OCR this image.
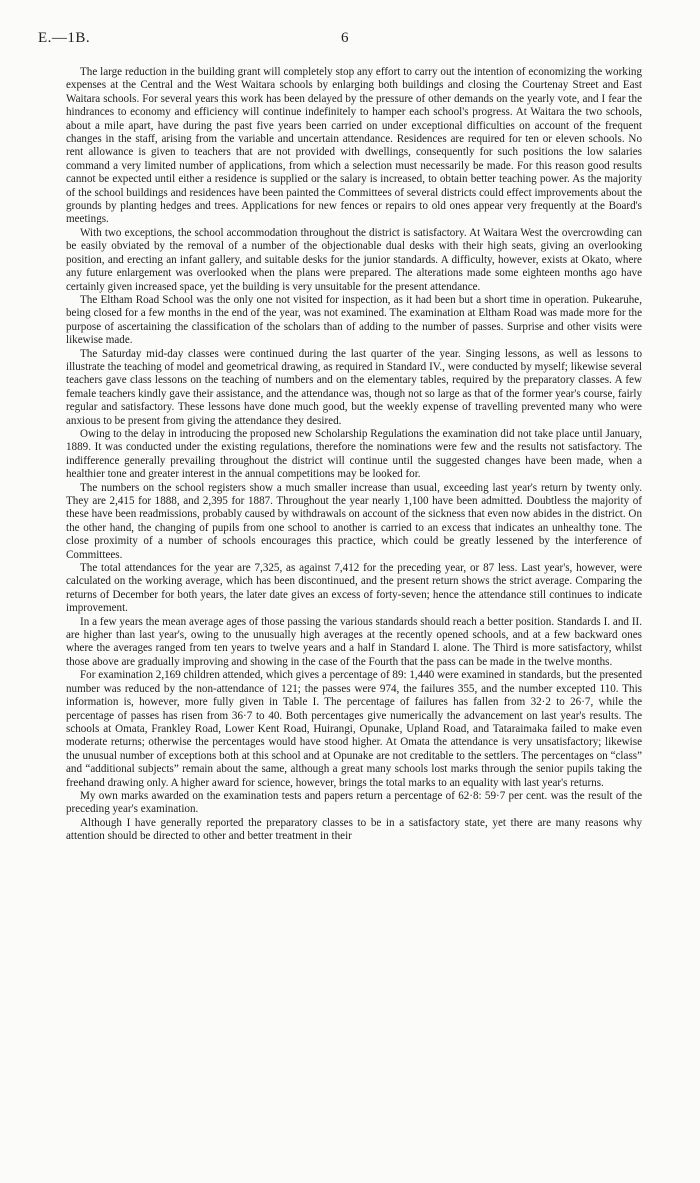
E.—1B.	6

The large reduction in the building grant will completely stop any effort to carry out the intention of economizing the working expenses at the Central and the West Waitara schools by enlarging both buildings and closing the Courtenay Street and East Waitara schools. For several years this work has been delayed by the pressure of other demands on the yearly vote, and I fear the hindrances to economy and efficiency will continue indefinitely to hamper each school's progress. At Waitara the two schools, about a mile apart, have during the past five years been carried on under exceptional difficulties on account of the frequent changes in the staff, arising from the variable and uncertain attendance. Residences are required for ten or eleven schools. No rent allowance is given to teachers that are not provided with dwellings, consequently for such positions the low salaries command a very limited number of applications, from which a selection must necessarily be made. For this reason good results cannot be expected until either a residence is supplied or the salary is increased, to obtain better teaching power. As the majority of the school buildings and residences have been painted the Committees of several districts could effect improvements about the grounds by planting hedges and trees. Applications for new fences or repairs to old ones appear very frequently at the Board's meetings.

With two exceptions, the school accommodation throughout the district is satisfactory. At Waitara West the overcrowding can be easily obviated by the removal of a number of the objectionable dual desks with their high seats, giving an overlooking position, and erecting an infant gallery, and suitable desks for the junior standards. A difficulty, however, exists at Okato, where any future enlargement was overlooked when the plans were prepared. The alterations made some eighteen months ago have certainly given increased space, yet the building is very unsuitable for the present attendance.

The Eltham Road School was the only one not visited for inspection, as it had been but a short time in operation. Pukearuhe, being closed for a few months in the end of the year, was not examined. The examination at Eltham Road was made more for the purpose of ascertaining the classification of the scholars than of adding to the number of passes. Surprise and other visits were likewise made.

The Saturday mid-day classes were continued during the last quarter of the year. Singing lessons, as well as lessons to illustrate the teaching of model and geometrical drawing, as required in Standard IV., were conducted by myself; likewise several teachers gave class lessons on the teaching of numbers and on the elementary tables, required by the preparatory classes. A few female teachers kindly gave their assistance, and the attendance was, though not so large as that of the former year's course, fairly regular and satisfactory. These lessons have done much good, but the weekly expense of travelling prevented many who were anxious to be present from giving the attendance they desired.

Owing to the delay in introducing the proposed new Scholarship Regulations the examination did not take place until January, 1889. It was conducted under the existing regulations, therefore the nominations were few and the results not satisfactory. The indifference generally prevailing throughout the district will continue until the suggested changes have been made, when a healthier tone and greater interest in the annual competitions may be looked for.

The numbers on the school registers show a much smaller increase than usual, exceeding last year's return by twenty only. They are 2,415 for 1888, and 2,395 for 1887. Throughout the year nearly 1,100 have been admitted. Doubtless the majority of these have been readmissions, probably caused by withdrawals on account of the sickness that even now abides in the district. On the other hand, the changing of pupils from one school to another is carried to an excess that indicates an unhealthy tone. The close proximity of a number of schools encourages this practice, which could be greatly lessened by the interference of Committees.

The total attendances for the year are 7,325, as against 7,412 for the preceding year, or 87 less. Last year's, however, were calculated on the working average, which has been discontinued, and the present return shows the strict average. Comparing the returns of December for both years, the later date gives an excess of forty-seven; hence the attendance still continues to indicate improvement.

In a few years the mean average ages of those passing the various standards should reach a better position. Standards I. and II. are higher than last year's, owing to the unusually high averages at the recently opened schools, and at a few backward ones where the averages ranged from ten years to twelve years and a half in Standard I. alone. The Third is more satisfactory, whilst those above are gradually improving and showing in the case of the Fourth that the pass can be made in the twelve months.

For examination 2,169 children attended, which gives a percentage of 89: 1,440 were examined in standards, but the presented number was reduced by the non-attendance of 121; the passes were 974, the failures 355, and the number excepted 110. This information is, however, more fully given in Table I. The percentage of failures has fallen from 32·2 to 26·7, while the percentage of passes has risen from 36·7 to 40. Both percentages give numerically the advancement on last year's results. The schools at Omata, Frankley Road, Lower Kent Road, Huirangi, Opunake, Upland Road, and Tataraimaka failed to make even moderate returns; otherwise the percentages would have stood higher. At Omata the attendance is very unsatisfactory; likewise the unusual number of exceptions both at this school and at Opunake are not creditable to the settlers. The percentages on “class” and “additional subjects” remain about the same, although a great many schools lost marks through the senior pupils taking the freehand drawing only. A higher award for science, however, brings the total marks to an equality with last year's returns.

My own marks awarded on the examination tests and papers return a percentage of 62·8: 59·7 per cent. was the result of the preceding year's examination.

Although I have generally reported the preparatory classes to be in a satisfactory state, yet there are many reasons why attention should be directed to other and better treatment in their
